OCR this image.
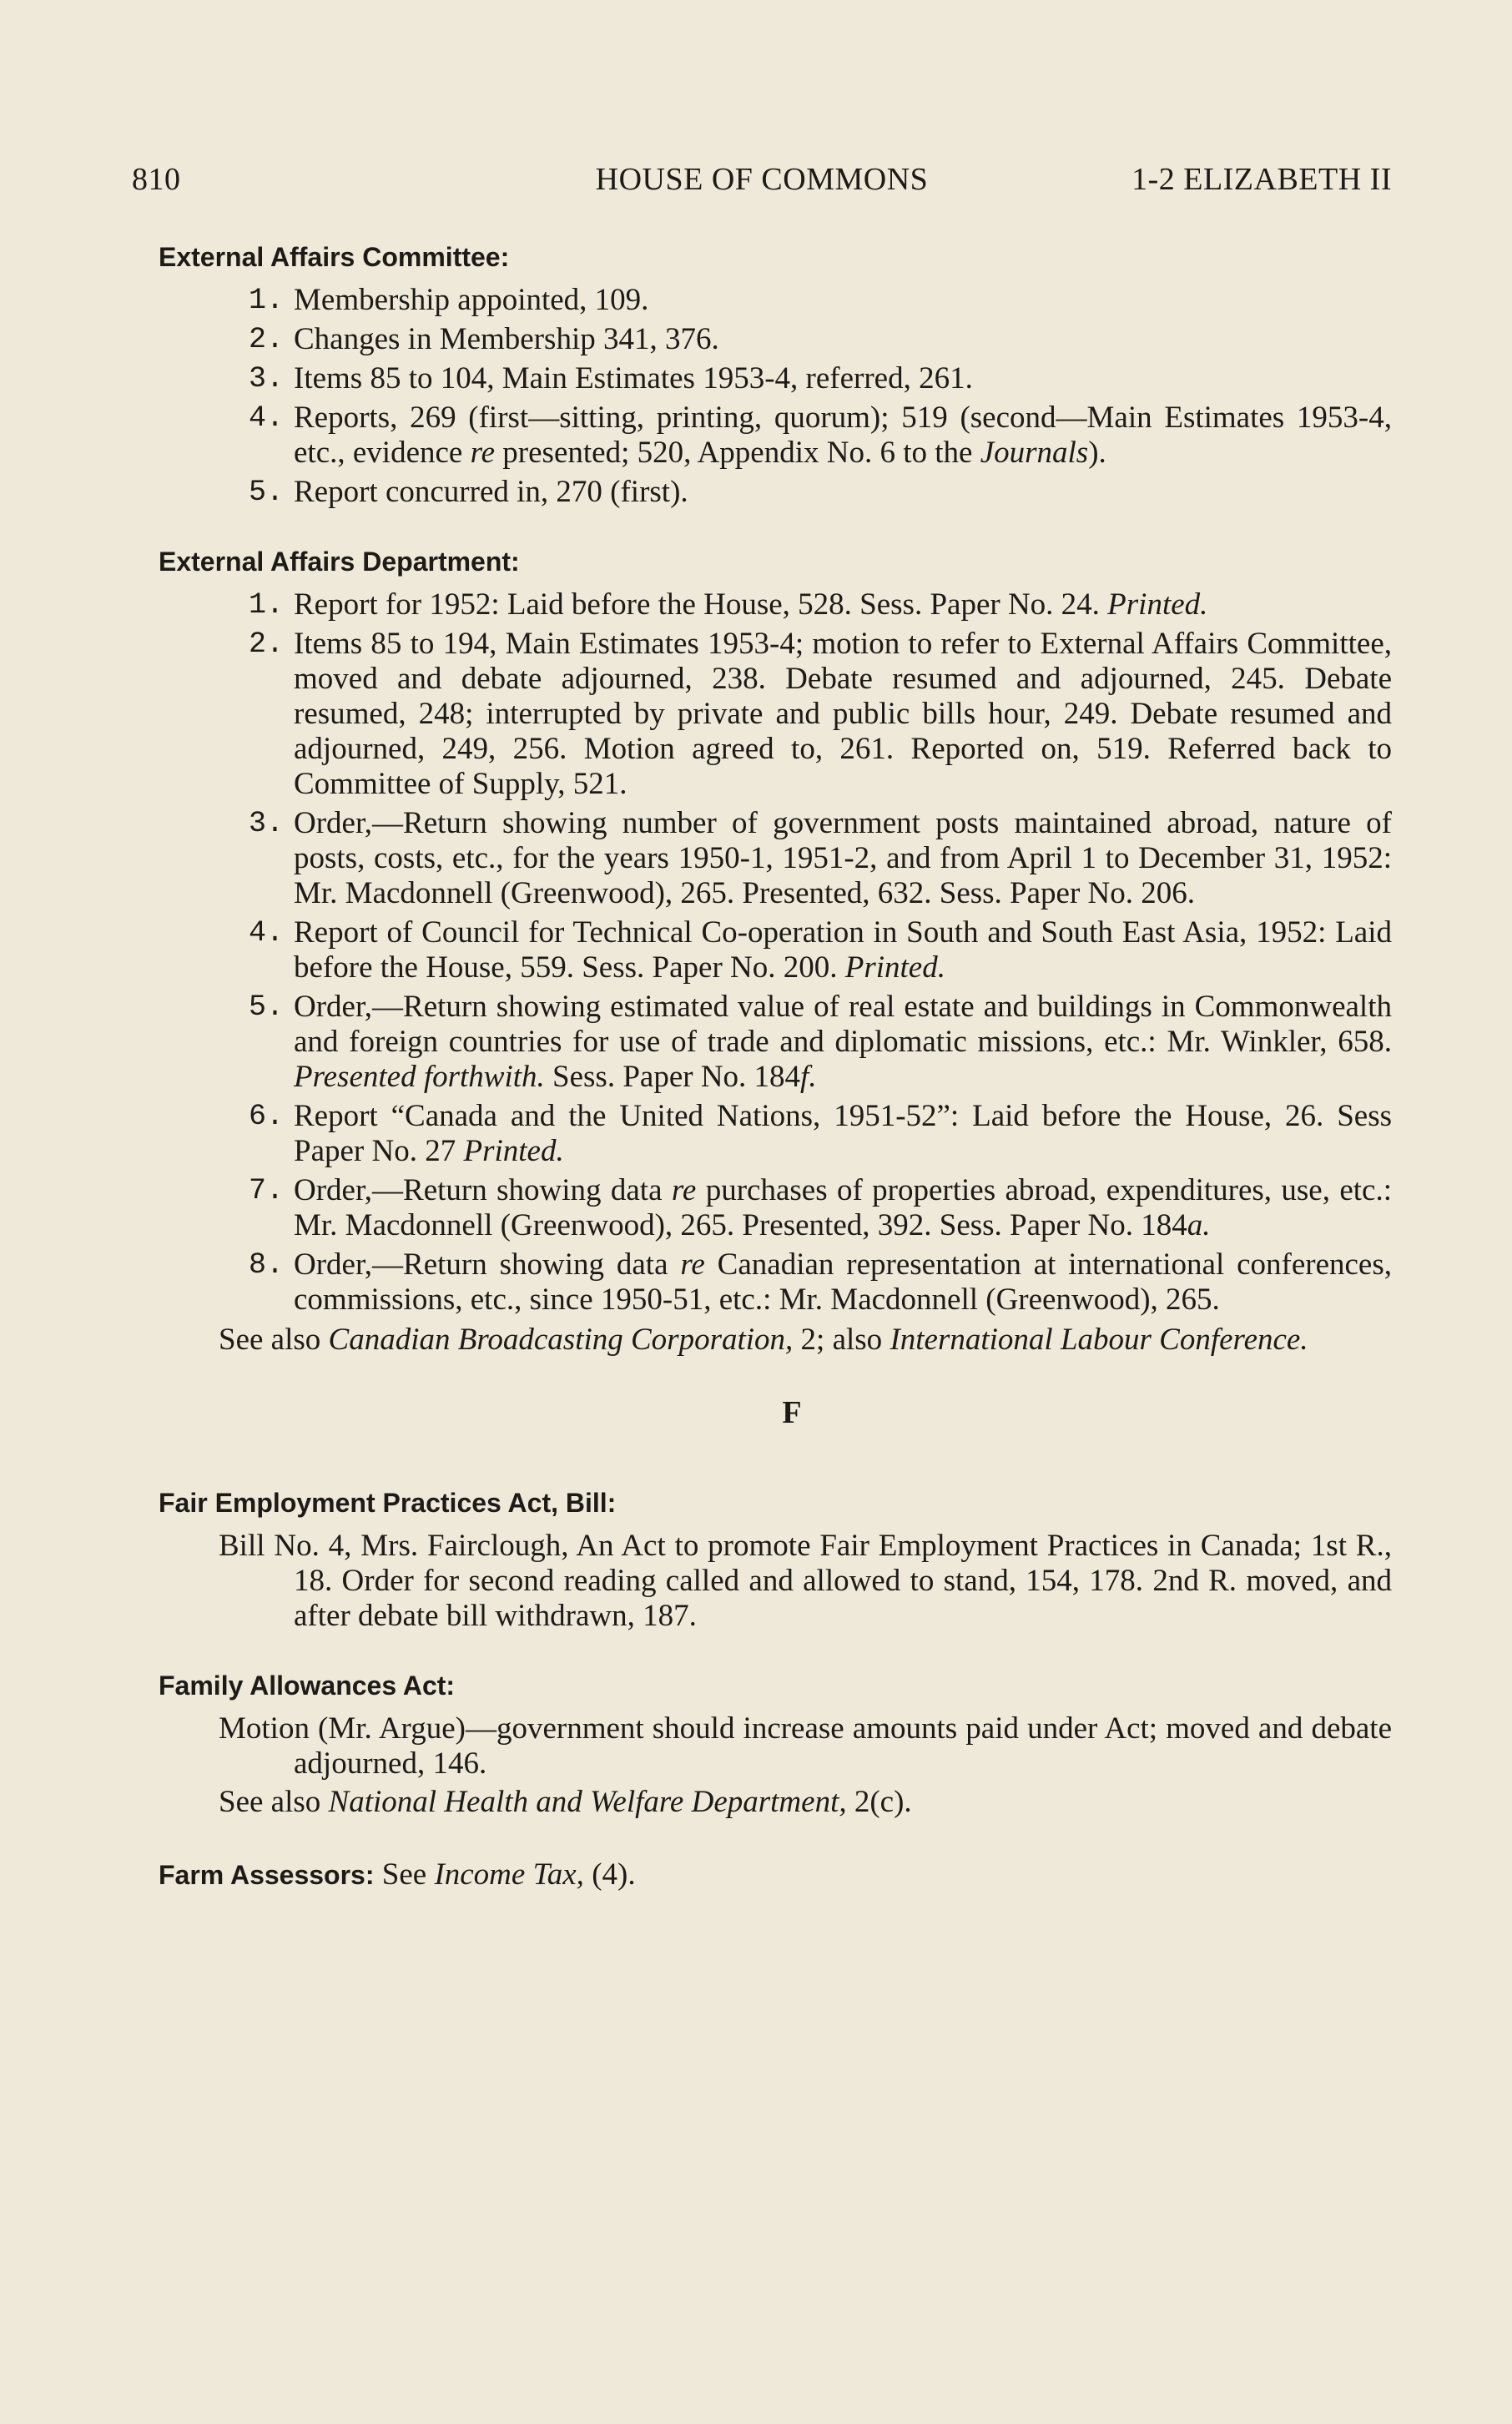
810	HOUSE OF COMMONS	1-2 ELIZABETH II
External Affairs Committee:
1. Membership appointed, 109.
2. Changes in Membership 341, 376.
3. Items 85 to 104, Main Estimates 1953-4, referred, 261.
4. Reports, 269 (first—sitting, printing, quorum); 519 (second—Main Estimates 1953-4, etc., evidence re presented; 520, Appendix No. 6 to the Journals).
5. Report concurred in, 270 (first).
External Affairs Department:
1. Report for 1952: Laid before the House, 528. Sess. Paper No. 24. Printed.
2. Items 85 to 194, Main Estimates 1953-4; motion to refer to External Affairs Committee, moved and debate adjourned, 238. Debate resumed and adjourned, 245. Debate resumed, 248; interrupted by private and public bills hour, 249. Debate resumed and adjourned, 249, 256. Motion agreed to, 261. Reported on, 519. Referred back to Committee of Supply, 521.
3. Order,—Return showing number of government posts maintained abroad, nature of posts, costs, etc., for the years 1950-1, 1951-2, and from April 1 to December 31, 1952: Mr. Macdonnell (Greenwood), 265. Presented, 632. Sess. Paper No. 206.
4. Report of Council for Technical Co-operation in South and South East Asia, 1952: Laid before the House, 559. Sess. Paper No. 200. Printed.
5. Order,—Return showing estimated value of real estate and buildings in Commonwealth and foreign countries for use of trade and diplomatic missions, etc.: Mr. Winkler, 658. Presented forthwith. Sess. Paper No. 184f.
6. Report “Canada and the United Nations, 1951-52”: Laid before the House, 26. Sess Paper No. 27 Printed.
7. Order,—Return showing data re purchases of properties abroad, expenditures, use, etc.: Mr. Macdonnell (Greenwood), 265. Presented, 392. Sess. Paper No. 184a.
8. Order,—Return showing data re Canadian representation at international conferences, commissions, etc., since 1950-51, etc.: Mr. Macdonnell (Greenwood), 265.
See also Canadian Broadcasting Corporation, 2; also International Labour Conference.
F
Fair Employment Practices Act, Bill:
Bill No. 4, Mrs. Fairclough, An Act to promote Fair Employment Practices in Canada; 1st R., 18. Order for second reading called and allowed to stand, 154, 178. 2nd R. moved, and after debate bill withdrawn, 187.
Family Allowances Act:
Motion (Mr. Argue)—government should increase amounts paid under Act; moved and debate adjourned, 146.
See also National Health and Welfare Department, 2(c).
Farm Assessors: See Income Tax, (4).
